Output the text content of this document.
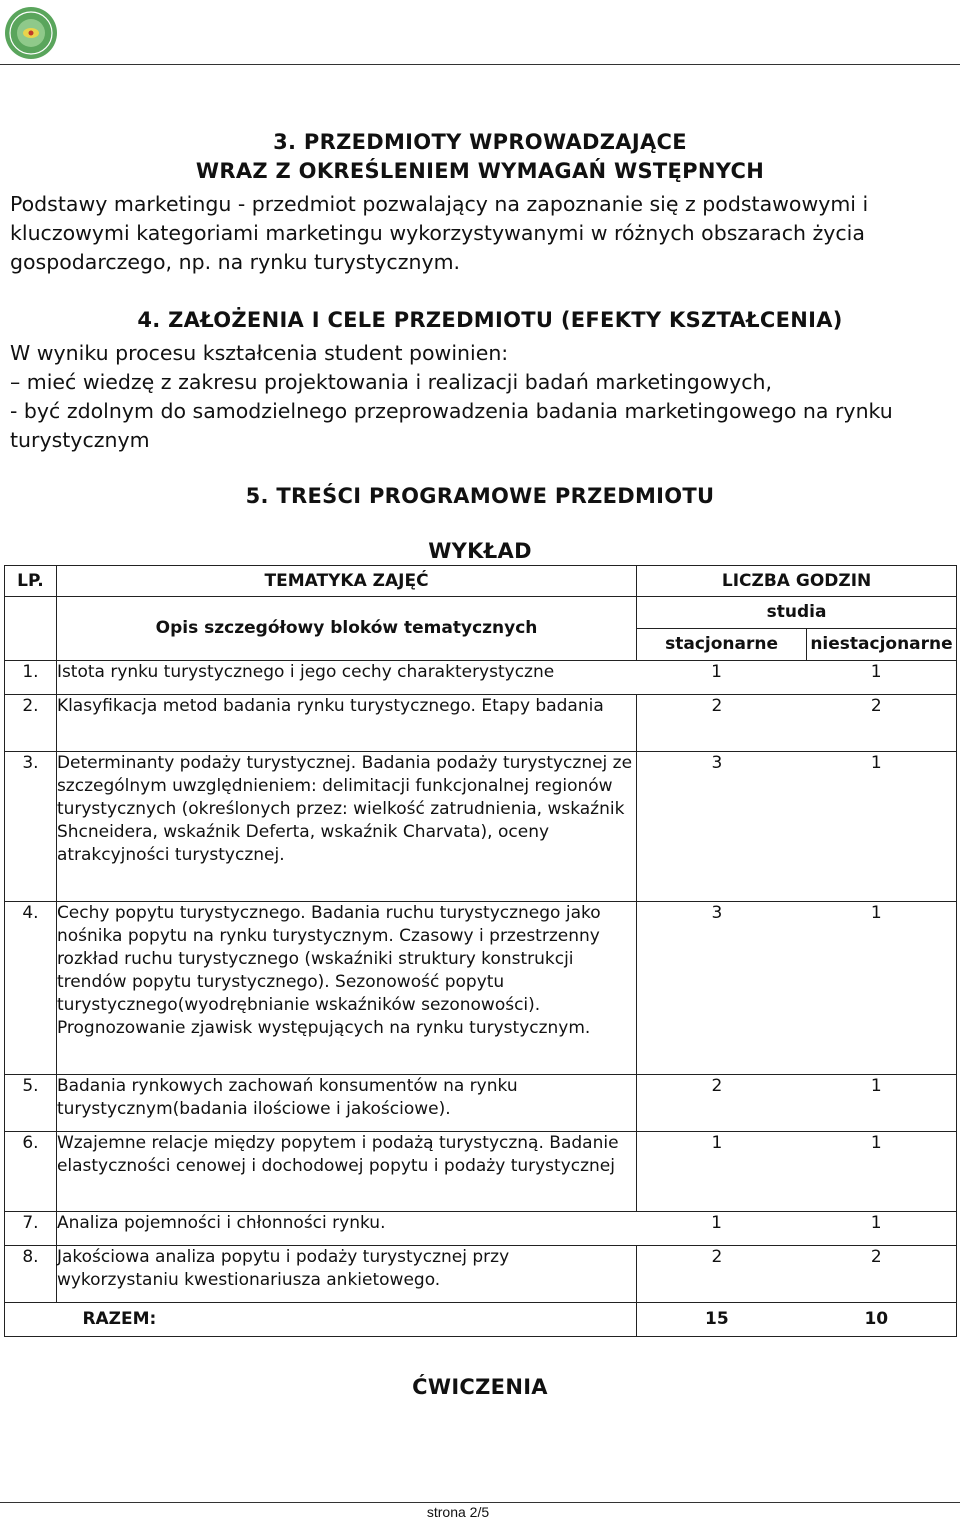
3. PRZEDMIOTY WPROWADZAJĄCE
WRAZ Z OKREŚLENIEM WYMAGAŃ WSTĘPNYCH

Podstawy marketingu - przedmiot pozwalający na zapoznanie się z podstawowymi i kluczowymi kategoriami marketingu wykorzystywanymi w różnych obszarach życia gospodarczego, np. na rynku turystycznym.

4. ZAŁOŻENIA I CELE PRZEDMIOTU (EFEKTY KSZTAŁCENIA)

W wyniku procesu kształcenia student powinien:

– mieć wiedzę z zakresu projektowania i realizacji badań marketingowych,

- być zdolnym do samodzielnego przeprowadzenia badania marketingowego na rynku turystycznym

5. TREŚCI PROGRAMOWE PRZEDMIOTU
WYKŁAD
LP.	TEMATYKA ZAJĘĆ	LICZBA GODZIN	
	Opis szczegółowy bloków tematycznych	studia	
		stacjonarne	niestacjonarne
1.	Istota rynku turystycznego i jego cechy charakterystyczne	1 1	

2.	Klasyfikacja metod badania rynku turystycznego. Etapy badania	2 2	

3.	Determinanty podaży turystycznej. Badania podaży turystycznej ze szczególnym uwzględnieniem: delimitacji funkcjonalnej regionów turystycznych (określonych przez: wielkość zatrudnienia, wskaźnik Shcneidera, wskaźnik Deferta, wskaźnik Charvata), oceny atrakcyjności turystycznej.	3 1	

4.	Cechy popytu turystycznego. Badania ruchu turystycznego jako nośnika popytu na rynku turystycznym. Czasowy i przestrzenny rozkład ruchu turystycznego (wskaźniki struktury konstrukcji trendów popytu turystycznego). Sezonowość popytu turystycznego(wyodrębnianie wskaźników sezonowości). Prognozowanie zjawisk występujących na rynku turystycznym.	3 1	

5.	Badania rynkowych zachowań konsumentów na rynku turystycznym(badania ilościowe i jakościowe).	2 1	

6.	Wzajemne relacje między popytem i podażą turystyczną. Badanie elastyczności cenowej i dochodowej popytu i podaży turystycznej	1 1	

7.	Analiza pojemności i chłonności rynku.	1 1	

8.	Jakościowa analiza popytu i podaży turystycznej przy wykorzystaniu kwestionariusza ankietowego.	2 2	

	RAZEM:	15 10	
ĆWICZENIA
strona 2/5
